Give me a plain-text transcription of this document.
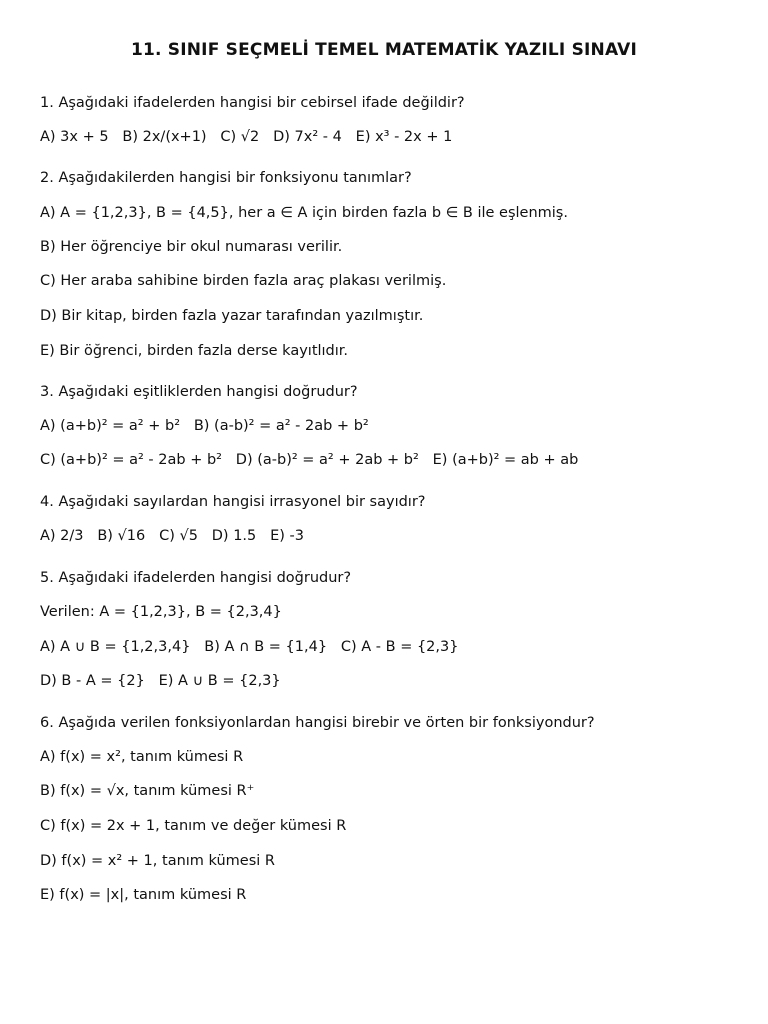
11. SINIF SEÇMELİ TEMEL MATEMATİK YAZILI SINAVI
1. Aşağıdaki ifadelerden hangisi bir cebirsel ifade değildir?
A) 3x + 5   B) 2x/(x+1)   C) √2   D) 7x² - 4   E) x³ - 2x + 1
2. Aşağıdakilerden hangisi bir fonksiyonu tanımlar?
A) A = {1,2,3}, B = {4,5}, her a ∈ A için birden fazla b ∈ B ile eşlenmiş.
B) Her öğrenciye bir okul numarası verilir.
C) Her araba sahibine birden fazla araç plakası verilmiş.
D) Bir kitap, birden fazla yazar tarafından yazılmıştır.
E) Bir öğrenci, birden fazla derse kayıtlıdır.
3. Aşağıdaki eşitliklerden hangisi doğrudur?
A) (a+b)² = a² + b²   B) (a-b)² = a² - 2ab + b²
C) (a+b)² = a² - 2ab + b²   D) (a-b)² = a² + 2ab + b²   E) (a+b)² = ab + ab
4. Aşağıdaki sayılardan hangisi irrasyonel bir sayıdır?
A) 2/3   B) √16   C) √5   D) 1.5   E) -3
5. Aşağıdaki ifadelerden hangisi doğrudur?
Verilen: A = {1,2,3}, B = {2,3,4}
A) A ∪ B = {1,2,3,4}   B) A ∩ B = {1,4}   C) A - B = {2,3}
D) B - A = {2}   E) A ∪ B = {2,3}
6. Aşağıda verilen fonksiyonlardan hangisi birebir ve örten bir fonksiyondur?
A) f(x) = x², tanım kümesi R
B) f(x) = √x, tanım kümesi R⁺
C) f(x) = 2x + 1, tanım ve değer kümesi R
D) f(x) = x² + 1, tanım kümesi R
E) f(x) = |x|, tanım kümesi R
